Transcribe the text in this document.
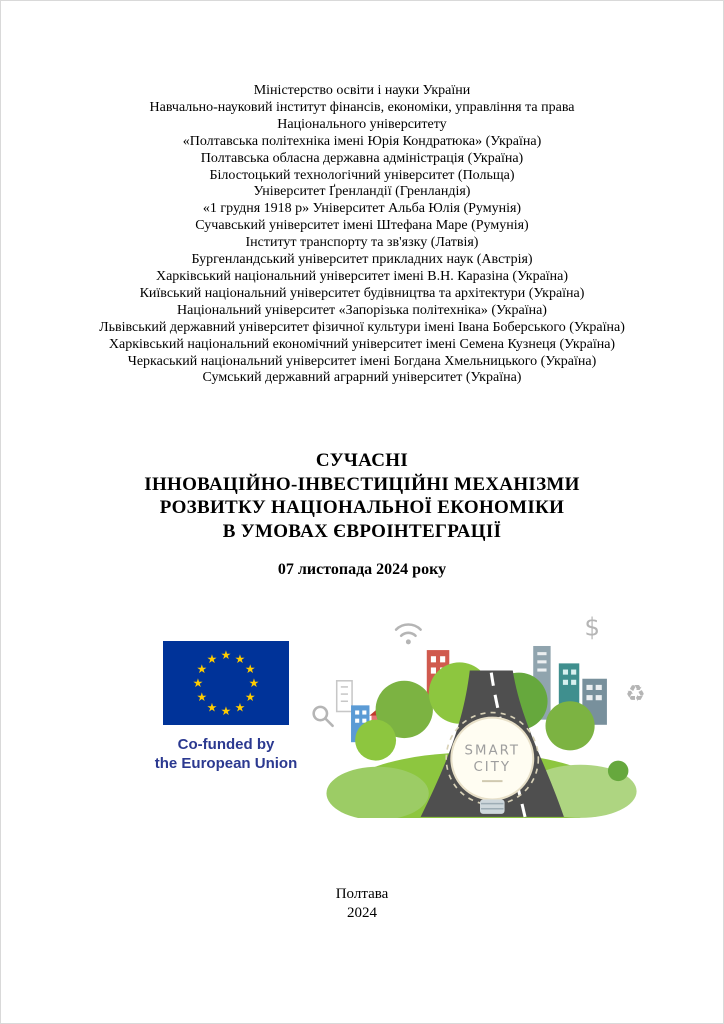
Міністерство освіти і науки України
Навчально-науковий інститут фінансів, економіки, управління та права
Національного університету
«Полтавська політехніка імені Юрія Кондратюка» (Україна)
Полтавська обласна державна адміністрація (Україна)
Білостоцький технологічний університет (Польща)
Університет Ґренландії (Гренландія)
«1 грудня 1918 р» Університет Альба Юлія (Румунія)
Сучавський університет імені Штефана Маре (Румунія)
Інститут транспорту та зв'язку (Латвія)
Бургенландський університет прикладних наук (Австрія)
Харківський національний університет імені В.Н. Каразіна (Україна)
Київський національний університет будівництва та архітектури (Україна)
Національний університет «Запорізька політехніка» (Україна)
Львівський державний університет фізичної культури імені Івана Боберського (Україна)
Харківський національний економічний університет імені Семена Кузнеця (Україна)
Черкаський національний університет імені Богдана Хмельницького (Україна)
Сумський державний аграрний університет (Україна)
СУЧАСНІ
ІННОВАЦІЙНО-ІНВЕСТИЦІЙНІ МЕХАНІЗМИ
РОЗВИТКУ НАЦІОНАЛЬНОЇ ЕКОНОМІКИ
В УМОВАХ ЄВРОІНТЕГРАЦІЇ
07 листопада 2024 року
★ ★
★
★
★
★
★
★
★
★
★
★
Co-funded by
the European Union
$
♻
SMART
CITY
Полтава
2024
